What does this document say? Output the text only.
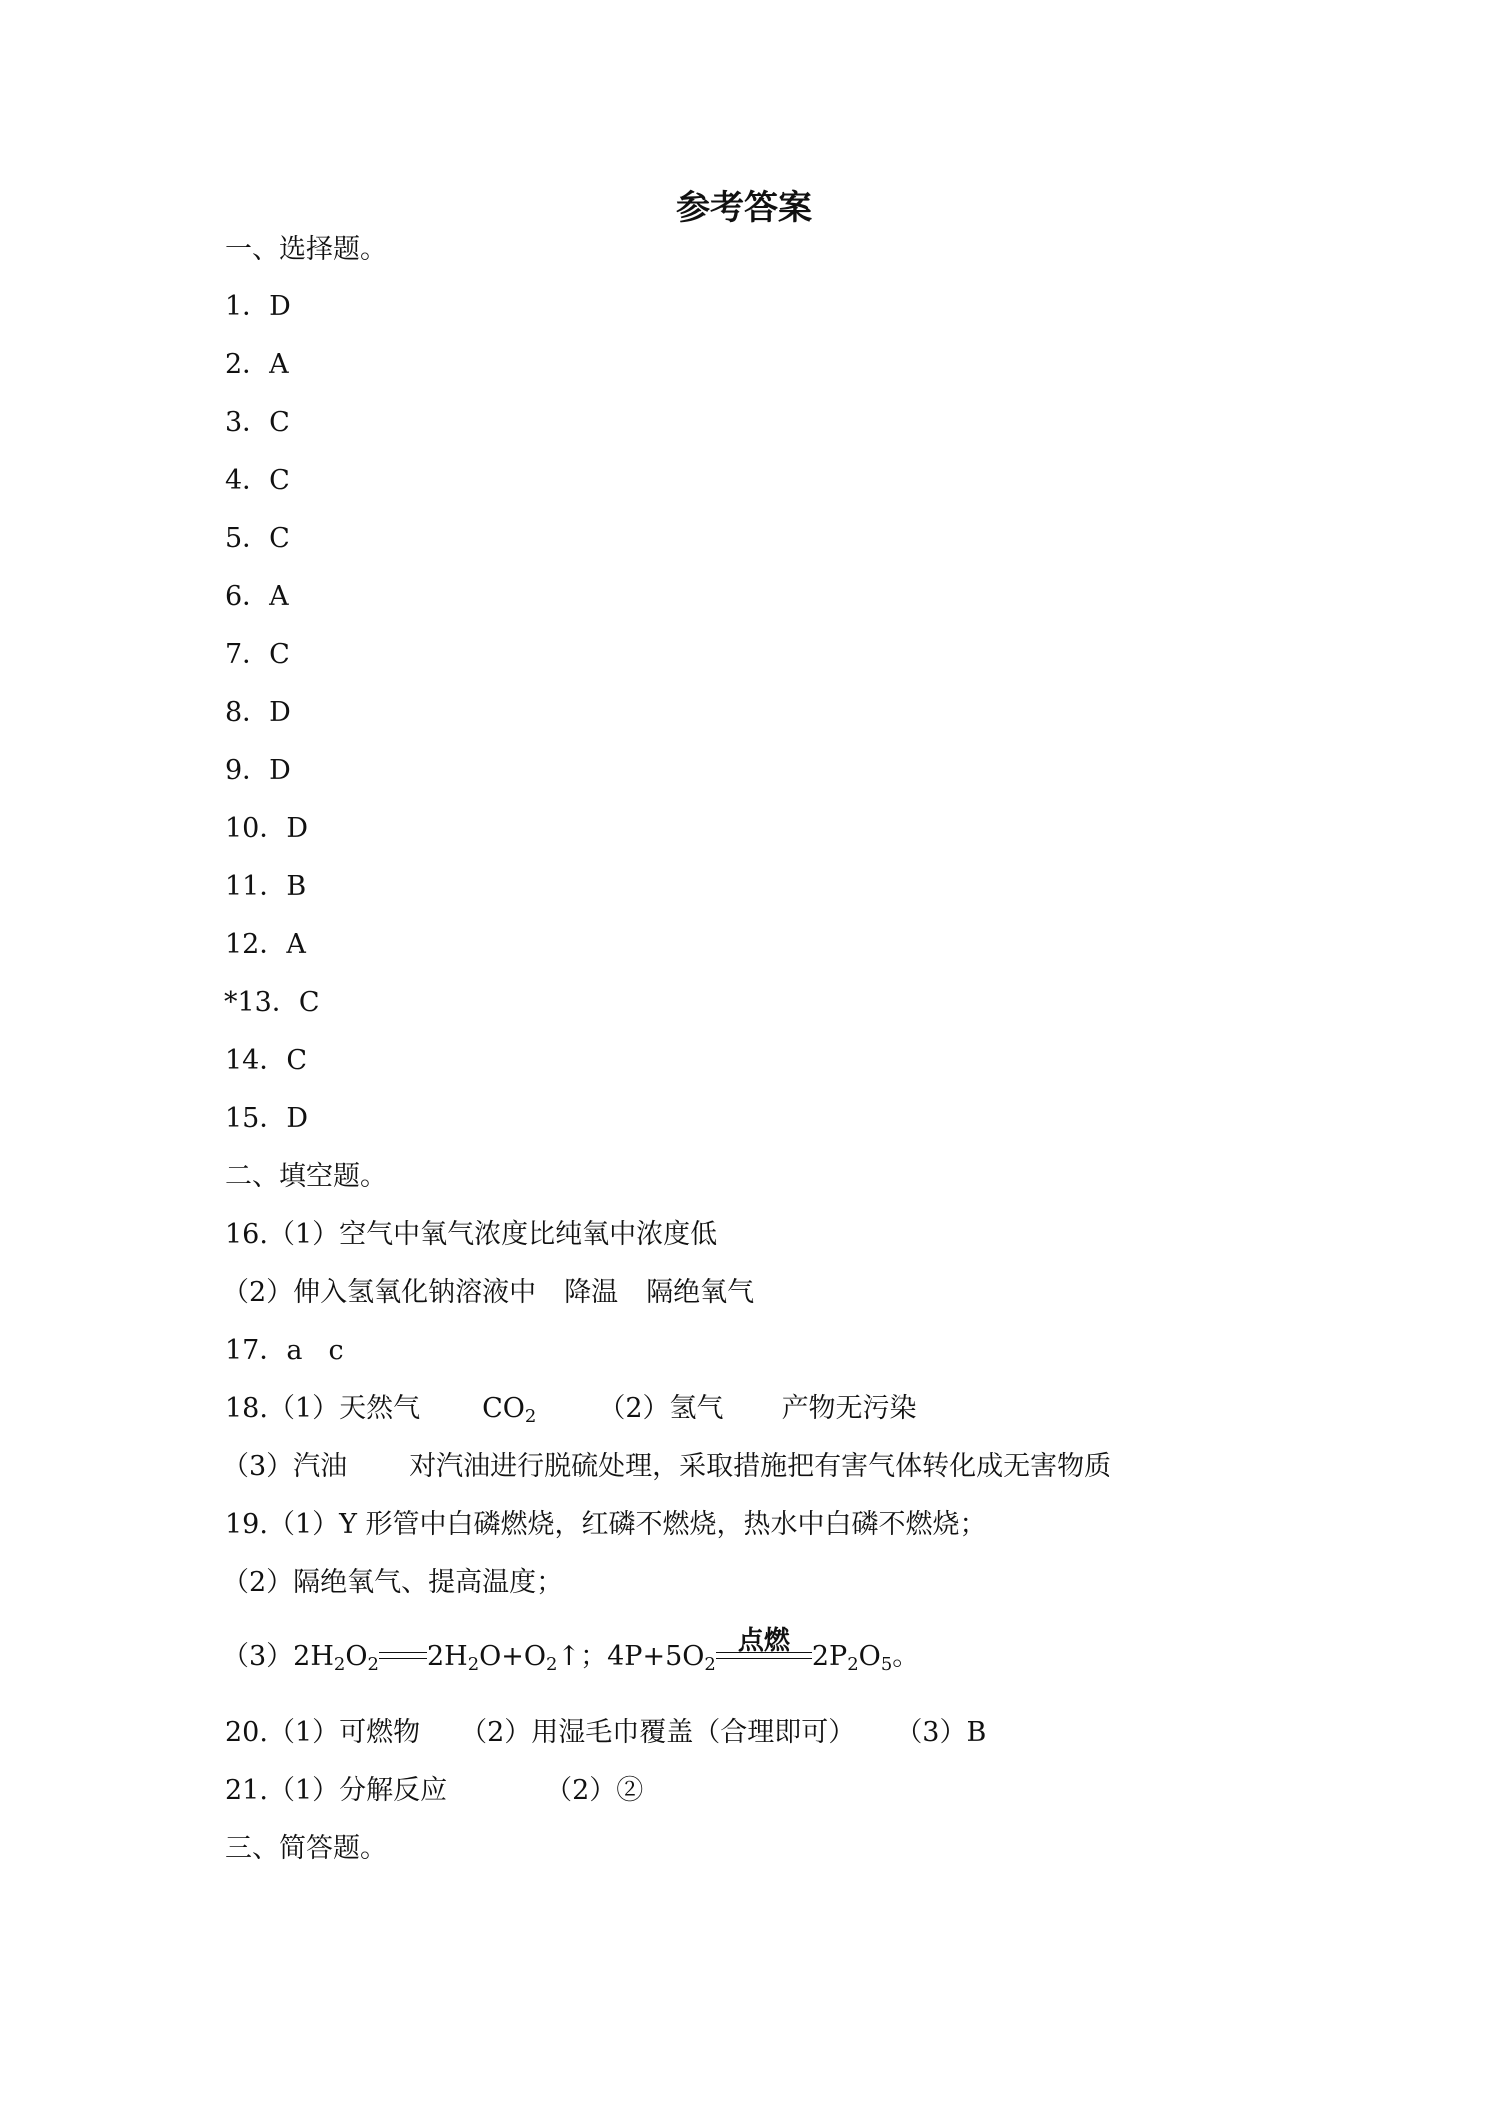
参考答案

一、选择题。

1．D

2．A

3．C

4．C

5．C

6．A

7．C

8．D

9．D

10．D

11．B

12．A

*13．C

14．C

15．D

二、填空题。

16.（1）空气中氧气浓度比纯氧中浓度低

（2）伸入氢氧化钠溶液中 降温 隔绝氧气

17．a c

18.（1）天然气 $CO_2$ （2）氢气 产物无污染

（3）汽油 对汽油进行脱硫处理，采取措施把有害气体转化成无害物质

19.（1）Y 形管中白磷燃烧，红磷不燃烧，热水中白磷不燃烧；

（2）隔绝氧气、提高温度；

$(3)2H_2O_2$ $2H_2O+O_2↑$；$4P+5O_2$
点燃 $2P_2O_5$。

20.（1）可燃物 （2）用湿毛巾覆盖（合理即可） （3）B

21.（1）分解反应	（2）②

三、简答题。
